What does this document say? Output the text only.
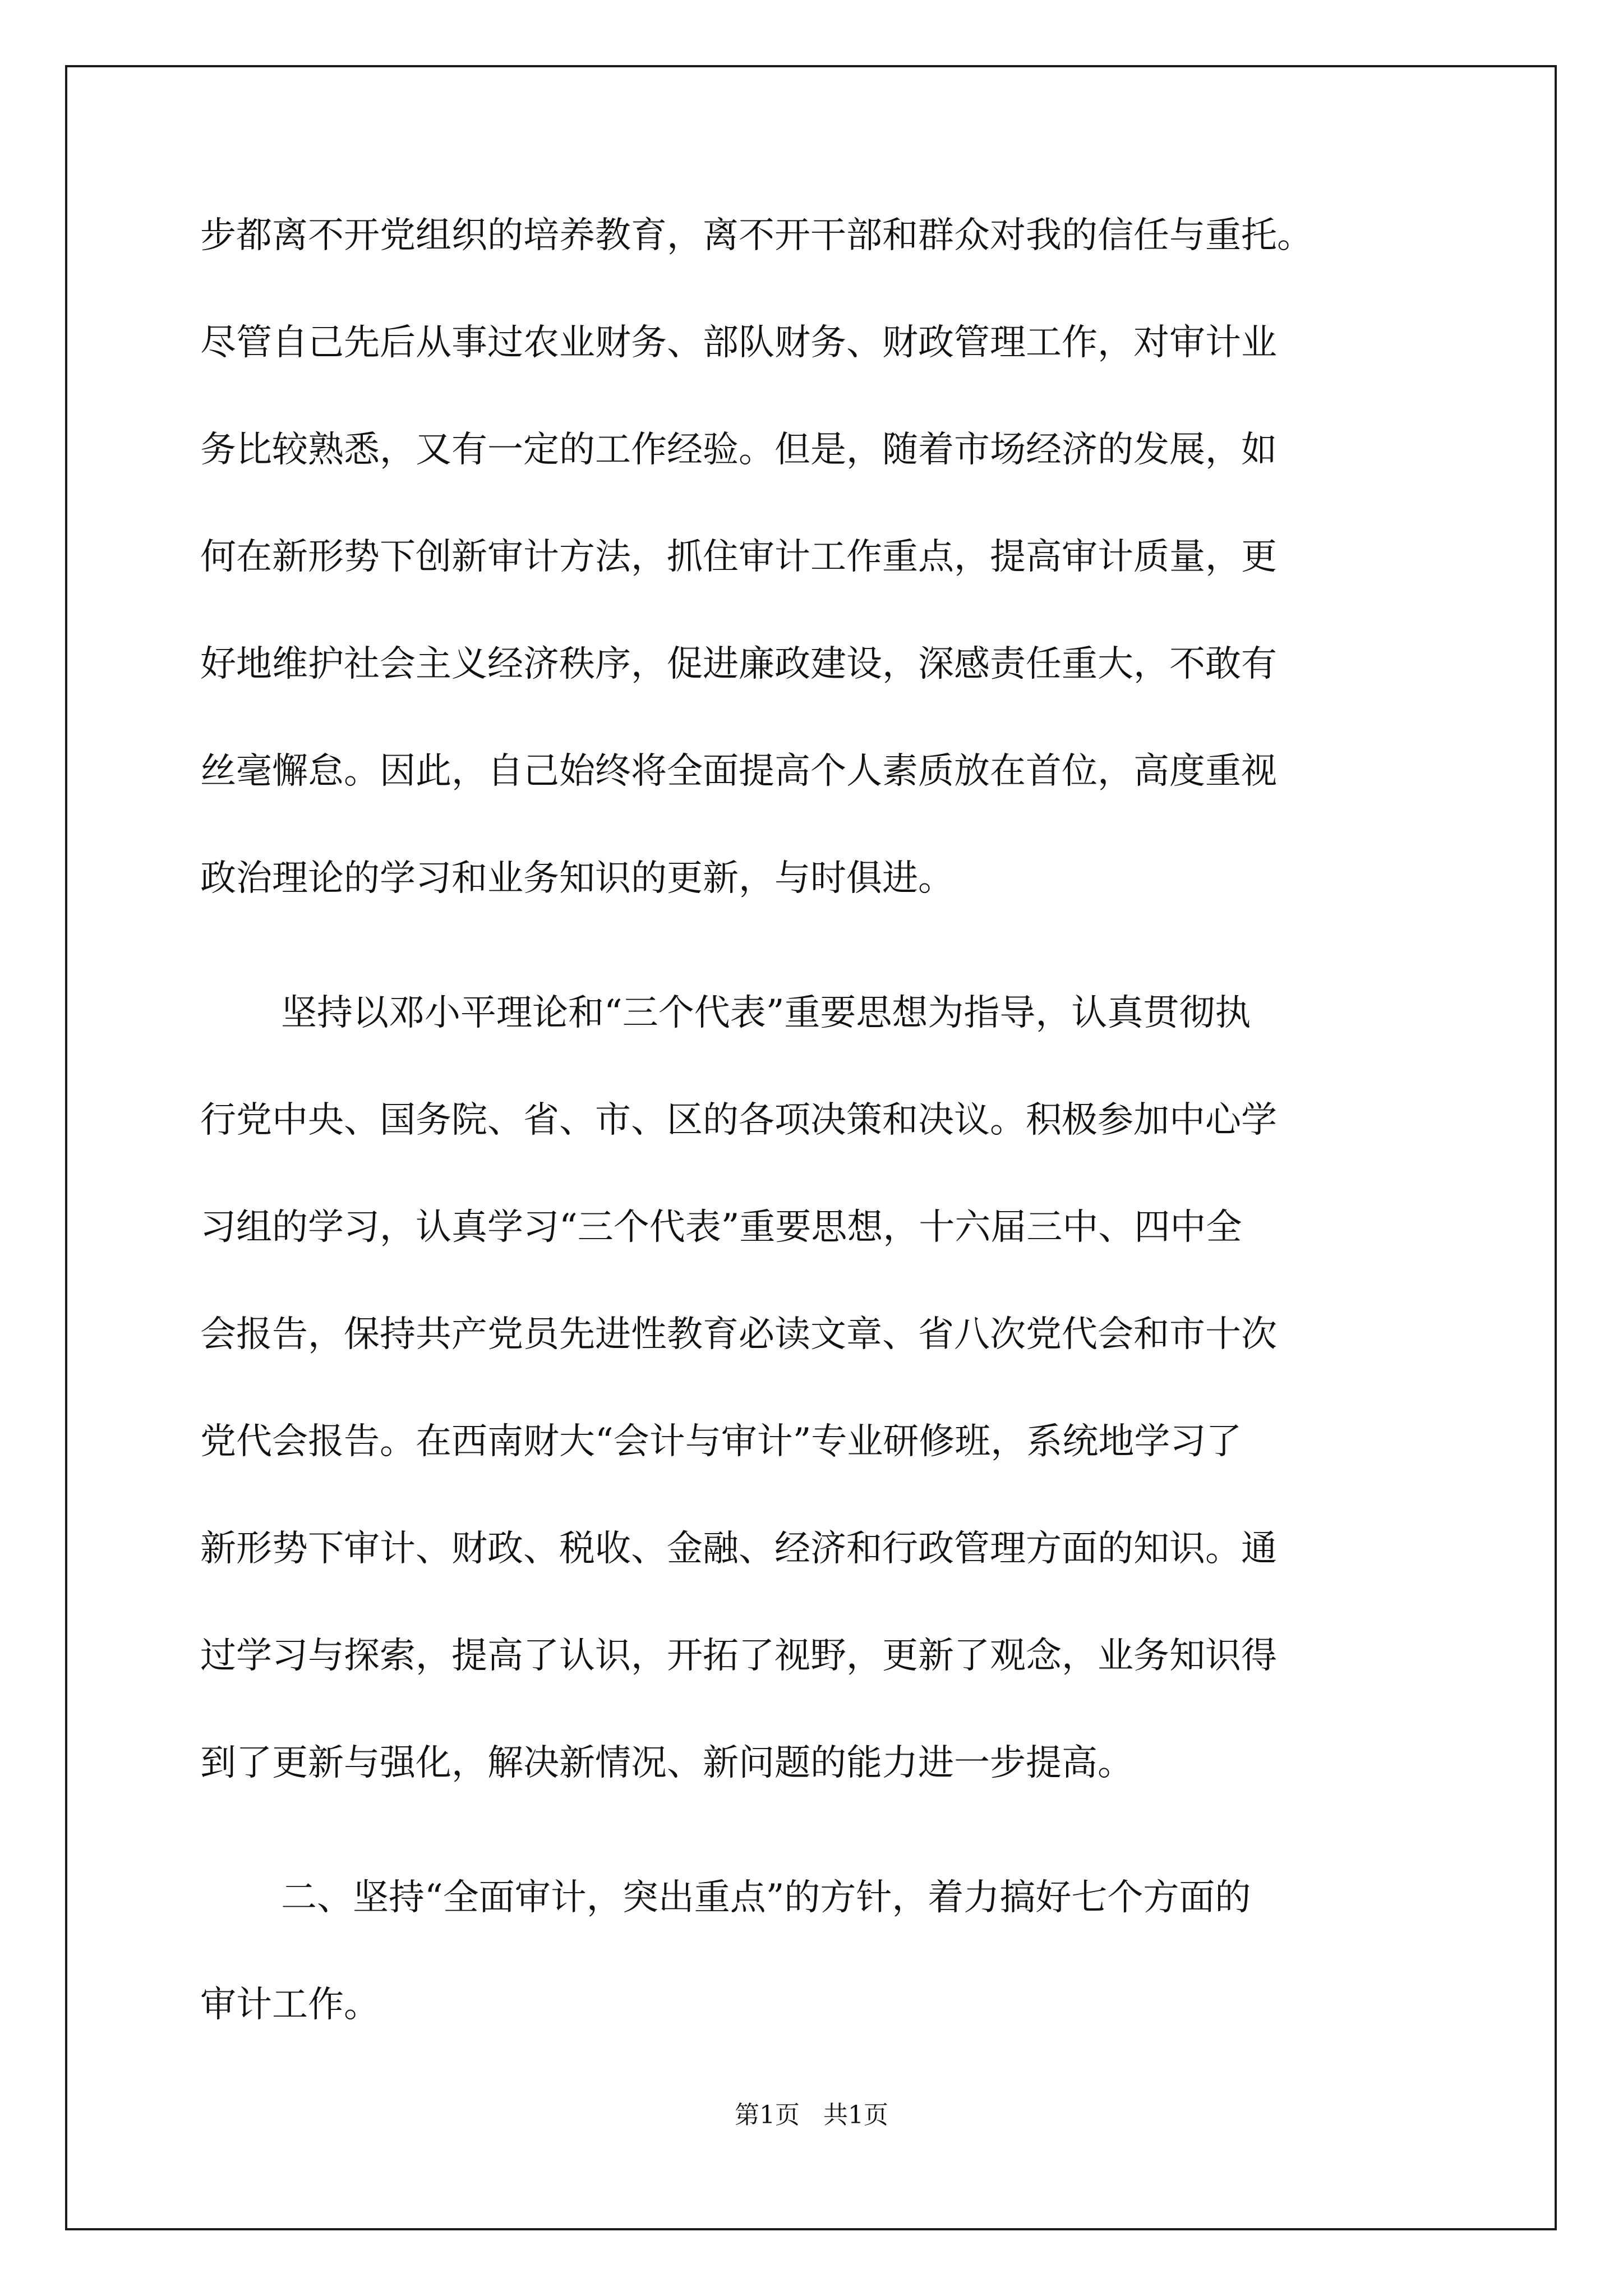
步都离不开党组织的培养教育，离不开干部和群众对我的信任与重托。
尽管自己先后从事过农业财务、部队财务、财政管理工作，对审计业
务比较熟悉，又有一定的工作经验。但是，随着市场经济的发展，如
何在新形势下创新审计方法，抓住审计工作重点，提高审计质量，更
好地维护社会主义经济秩序，促进廉政建设，深感责任重大，不敢有
丝毫懈怠。因此，自己始终将全面提高个人素质放在首位，高度重视
政治理论的学习和业务知识的更新，与时俱进。
坚持以邓小平理论和“三个代表”重要思想为指导，认真贯彻执
行党中央、国务院、省、市、区的各项决策和决议。积极参加中心学
习组的学习，认真学习“三个代表”重要思想，十六届三中、四中全
会报告，保持共产党员先进性教育必读文章、省八次党代会和市十次
党代会报告。在西南财大“会计与审计”专业研修班，系统地学习了
新形势下审计、财政、税收、金融、经济和行政管理方面的知识。通
过学习与探索，提高了认识，开拓了视野，更新了观念，业务知识得
到了更新与强化，解决新情况、新问题的能力进一步提高。
二、坚持“全面审计，突出重点”的方针，着力搞好七个方面的
审计工作。
第1页   共1页
